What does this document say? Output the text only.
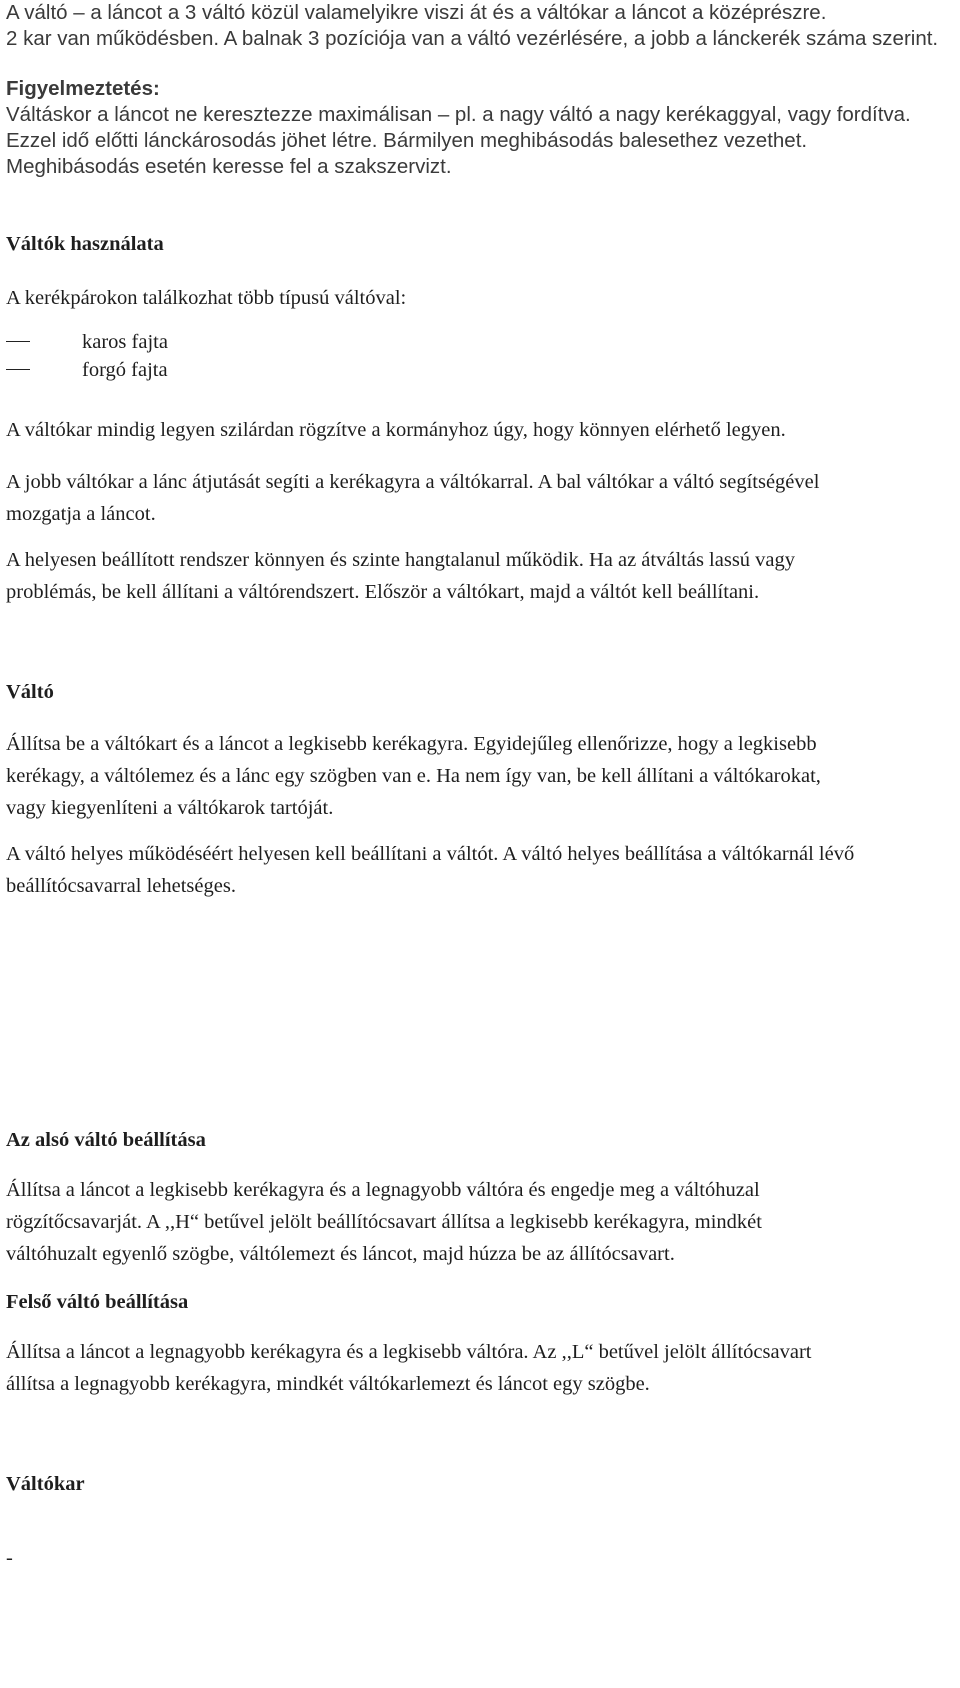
A váltó – a láncot a 3 váltó közül valamelyikre viszi át és a váltókar a láncot a középrészre.
2 kar van működésben. A balnak 3 pozíciója van a váltó vezérlésére, a jobb a lánckerék száma szerint.
Figyelmeztetés:
Váltáskor a láncot ne keresztezze maximálisan – pl. a nagy váltó a nagy kerékaggyal, vagy fordítva.
Ezzel idő előtti lánckárosodás jöhet létre. Bármilyen meghibásodás balesethez vezethet.
Meghibásodás esetén keresse fel a szakszervizt.
Váltók használata
A kerékpárokon találkozhat több típusú váltóval:
karos fajta
forgó fajta
A váltókar mindig legyen szilárdan rögzítve a kormányhoz úgy, hogy könnyen elérhető legyen.
A jobb váltókar a lánc átjutását segíti a kerékagyra a váltókarral. A bal váltókar a váltó segítségével
mozgatja a láncot.
A helyesen beállított rendszer könnyen és szinte hangtalanul működik. Ha az átváltás lassú vagy
problémás, be kell állítani a váltórendszert. Először a váltókart, majd a váltót kell beállítani.
Váltó
Állítsa be a váltókart és a láncot a legkisebb kerékagyra. Egyidejűleg ellenőrizze, hogy a legkisebb
kerékagy, a váltólemez és a lánc egy szögben van e. Ha nem így van, be kell állítani a váltókarokat,
vagy kiegyenlíteni a váltókarok tartóját.
A váltó helyes működéséért helyesen kell beállítani a váltót. A váltó helyes beállítása a váltókarnál lévő
beállítócsavarral lehetséges.
Az alsó váltó beállítása
Állítsa a láncot a legkisebb kerékagyra és a legnagyobb váltóra és engedje meg a váltóhuzal
rögzítőcsavarját. A ,,H“ betűvel jelölt beállítócsavart állítsa a legkisebb kerékagyra, mindkét
váltóhuzalt egyenlő szögbe, váltólemezt és láncot, majd húzza be az állítócsavart.
Felső váltó beállítása
Állítsa a láncot a legnagyobb kerékagyra és a legkisebb váltóra. Az ,,L“ betűvel jelölt állítócsavart
állítsa a legnagyobb kerékagyra, mindkét váltókarlemezt és láncot egy szögbe.
Váltókar
-
